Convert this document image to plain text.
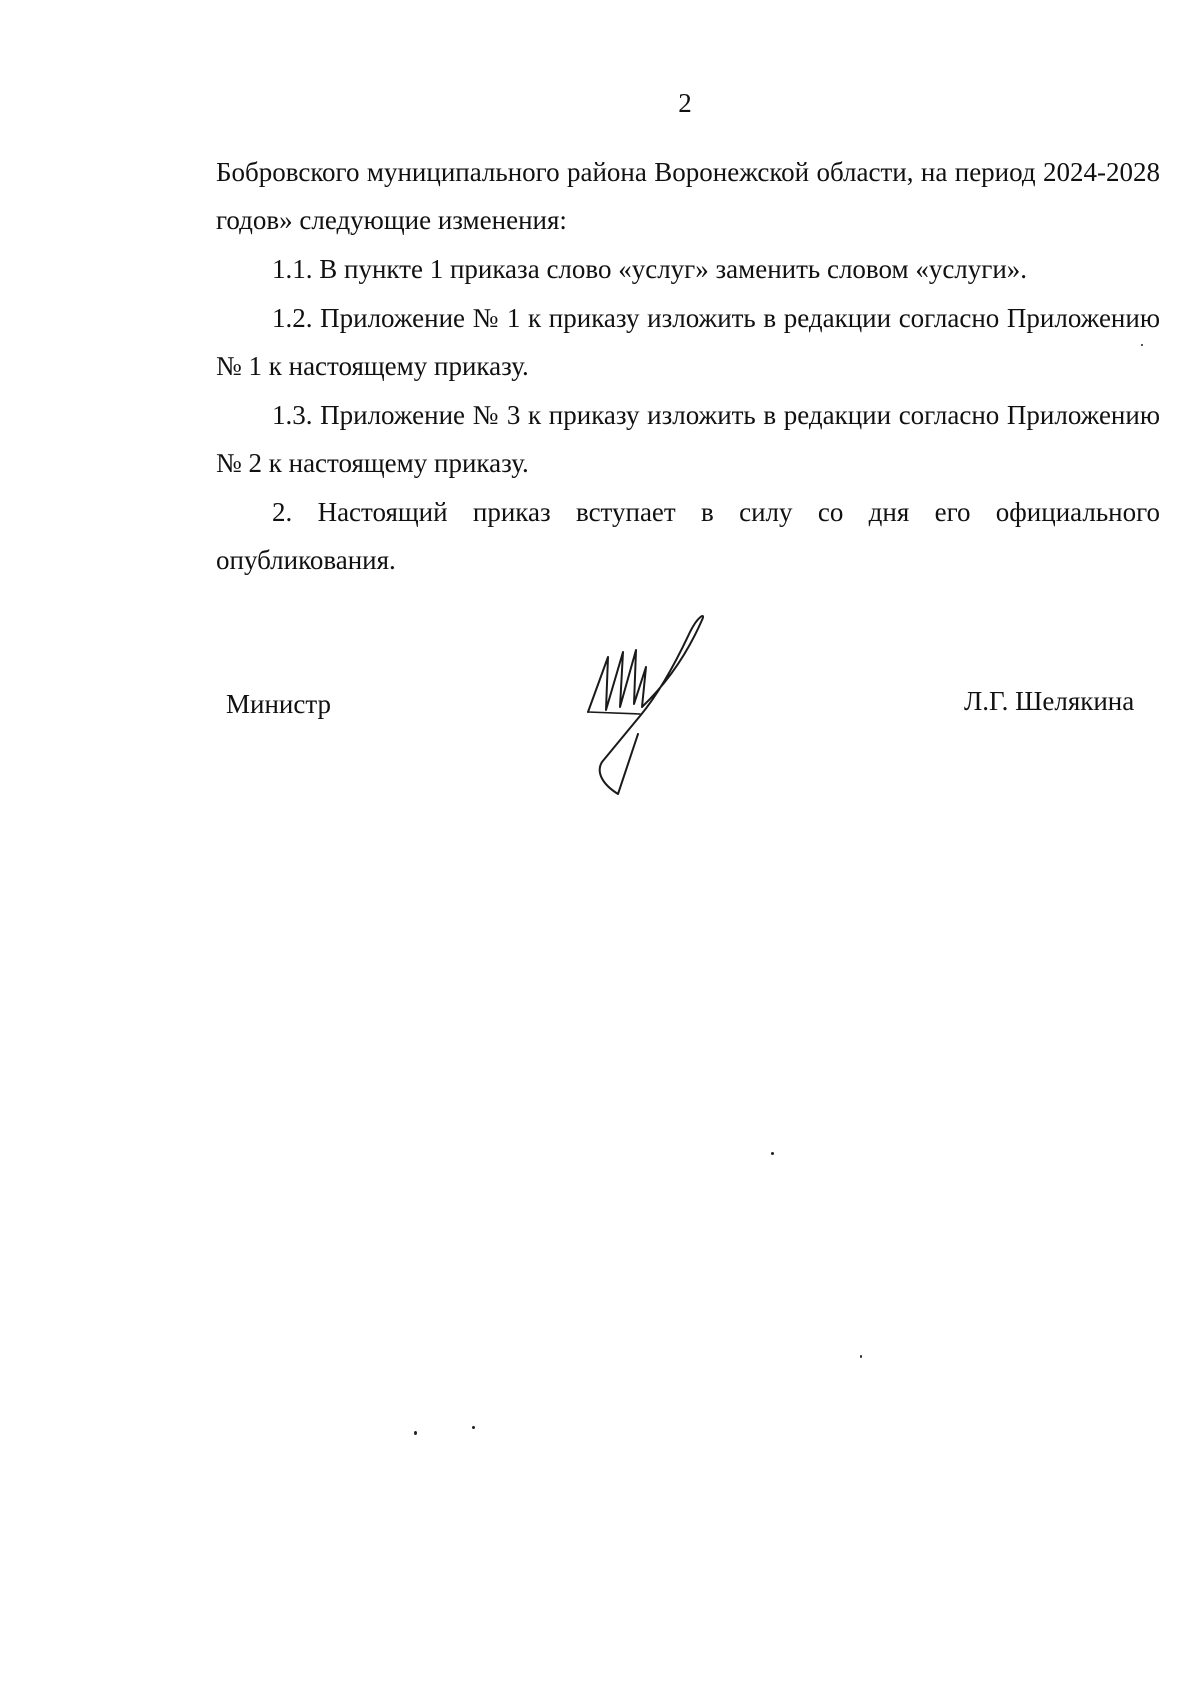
2

Бобровского муниципального района Воронежской области, на период 2024-2028 годов» следующие изменения:

1.1. В пункте 1 приказа слово «услуг» заменить словом «услуги».

1.2. Приложение № 1 к приказу изложить в редакции согласно Приложению № 1 к настоящему приказу.

1.3. Приложение № 3 к приказу изложить в редакции согласно Приложению № 2 к настоящему приказу.

2. Настоящий приказ вступает в силу со дня его официального опубликования.

Министр	Л.Г. Шелякина
